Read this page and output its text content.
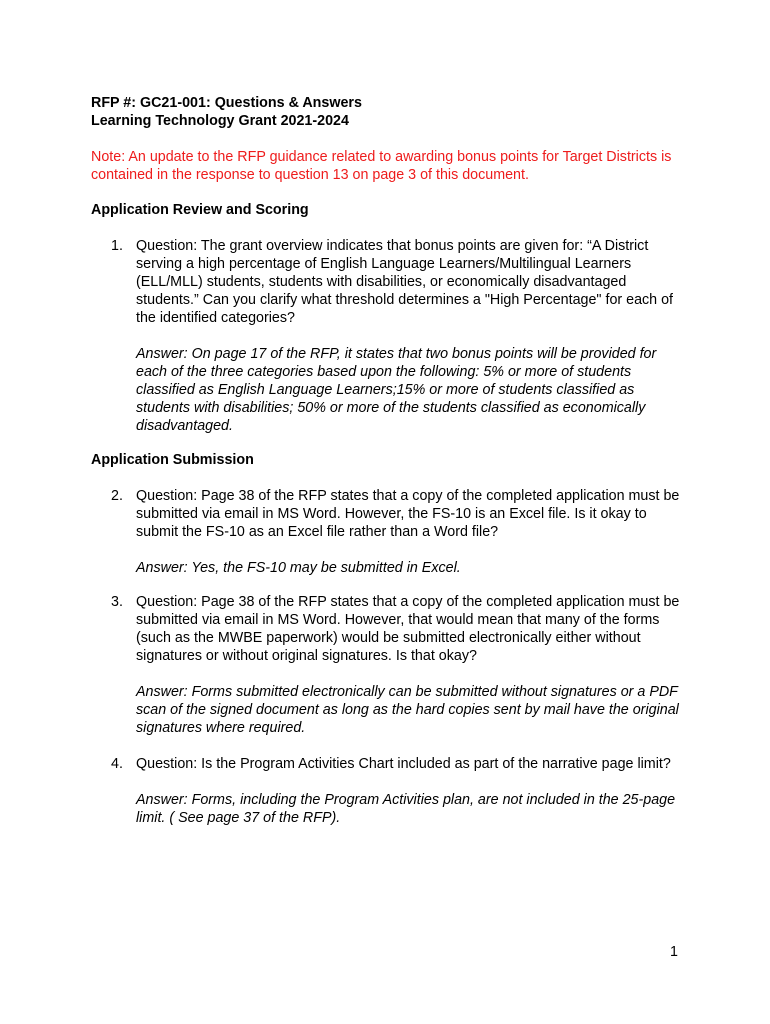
RFP #: GC21-001: Questions & Answers
Learning Technology Grant 2021-2024
Note: An update to the RFP guidance related to awarding bonus points for Target Districts is contained in the response to question 13 on page 3 of this document.
Application Review and Scoring
1. Question: The grant overview indicates that bonus points are given for: “A District serving a high percentage of English Language Learners/Multilingual Learners (ELL/MLL) students, students with disabilities, or economically disadvantaged students.” Can you clarify what threshold determines a "High Percentage" for each of the identified categories?
Answer: On page 17 of the RFP, it states that two bonus points will be provided for each of the three categories based upon the following: 5% or more of students classified as English Language Learners;15% or more of students classified as students with disabilities; 50% or more of the students classified as economically disadvantaged.
Application Submission
2. Question: Page 38 of the RFP states that a copy of the completed application must be submitted via email in MS Word. However, the FS-10 is an Excel file. Is it okay to submit the FS-10 as an Excel file rather than a Word file?
Answer: Yes, the FS-10 may be submitted in Excel.
3. Question: Page 38 of the RFP states that a copy of the completed application must be submitted via email in MS Word. However, that would mean that many of the forms (such as the MWBE paperwork) would be submitted electronically either without signatures or without original signatures. Is that okay?
Answer: Forms submitted electronically can be submitted without signatures or a PDF scan of the signed document as long as the hard copies sent by mail have the original signatures where required.
4. Question: Is the Program Activities Chart included as part of the narrative page limit?
Answer: Forms, including the Program Activities plan, are not included in the 25-page limit. ( See page 37 of the RFP).
1
